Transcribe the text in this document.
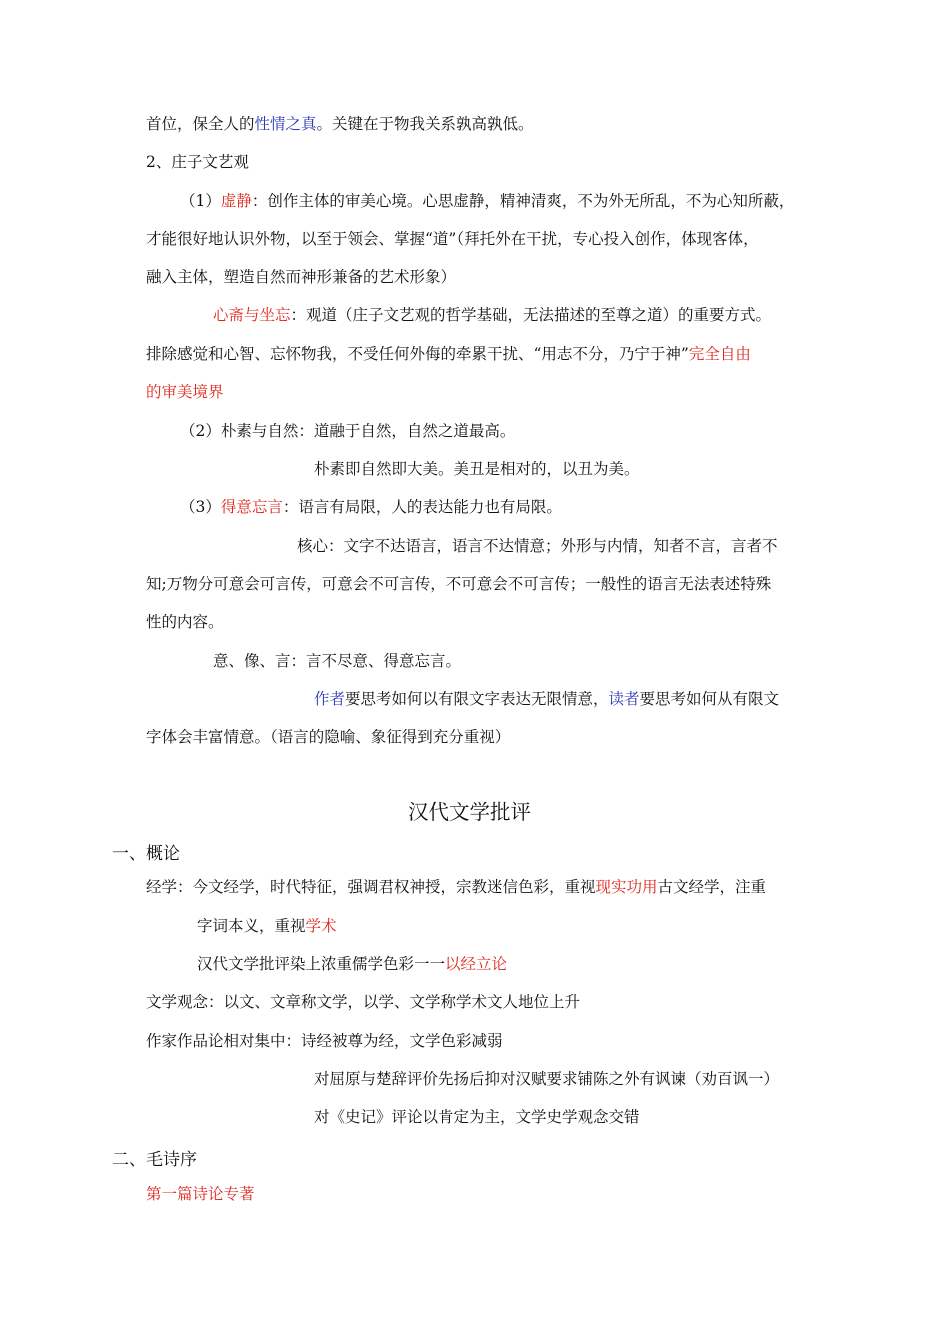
首位，保全人的性情之真。关键在于物我关系孰高孰低。
2、庄子文艺观
（1）虚静：创作主体的审美心境。心思虚静，精神清爽，不为外无所乱，不为心知所蔽，
才能很好地认识外物，以至于领会、掌握“道”（拜托外在干扰，专心投入创作，体现客体，
融入主体，塑造自然而神形兼备的艺术形象）
心斋与坐忘：观道（庄子文艺观的哲学基础，无法描述的至尊之道）的重要方式。
排除感觉和心智、忘怀物我，不受任何外侮的牵累干扰、“用志不分，乃宁于神”完全自由
的审美境界
（2）朴素与自然：道融于自然，自然之道最高。
朴素即自然即大美。美丑是相对的，以丑为美。
（3）得意忘言：语言有局限，人的表达能力也有局限。
核心：文字不达语言，语言不达情意；外形与内情，知者不言，言者不
知;万物分可意会可言传，可意会不可言传，不可意会不可言传；一般性的语言无法表述特殊
性的内容。
意、像、言：言不尽意、得意忘言。
作者要思考如何以有限文字表达无限情意，读者要思考如何从有限文
字体会丰富情意。（语言的隐喻、象征得到充分重视）
汉代文学批评
一、概论
经学：今文经学，时代特征，强调君权神授，宗教迷信色彩，重视现实功用古文经学，注重
字词本义，重视学术
汉代文学批评染上浓重儒学色彩一一以经立论
文学观念：以文、文章称文学，以学、文学称学术文人地位上升
作家作品论相对集中：诗经被尊为经，文学色彩减弱
对屈原与楚辞评价先扬后抑对汉赋要求铺陈之外有讽谏（劝百讽一）
对《史记》评论以肯定为主，文学史学观念交错
二、毛诗序
第一篇诗论专著
